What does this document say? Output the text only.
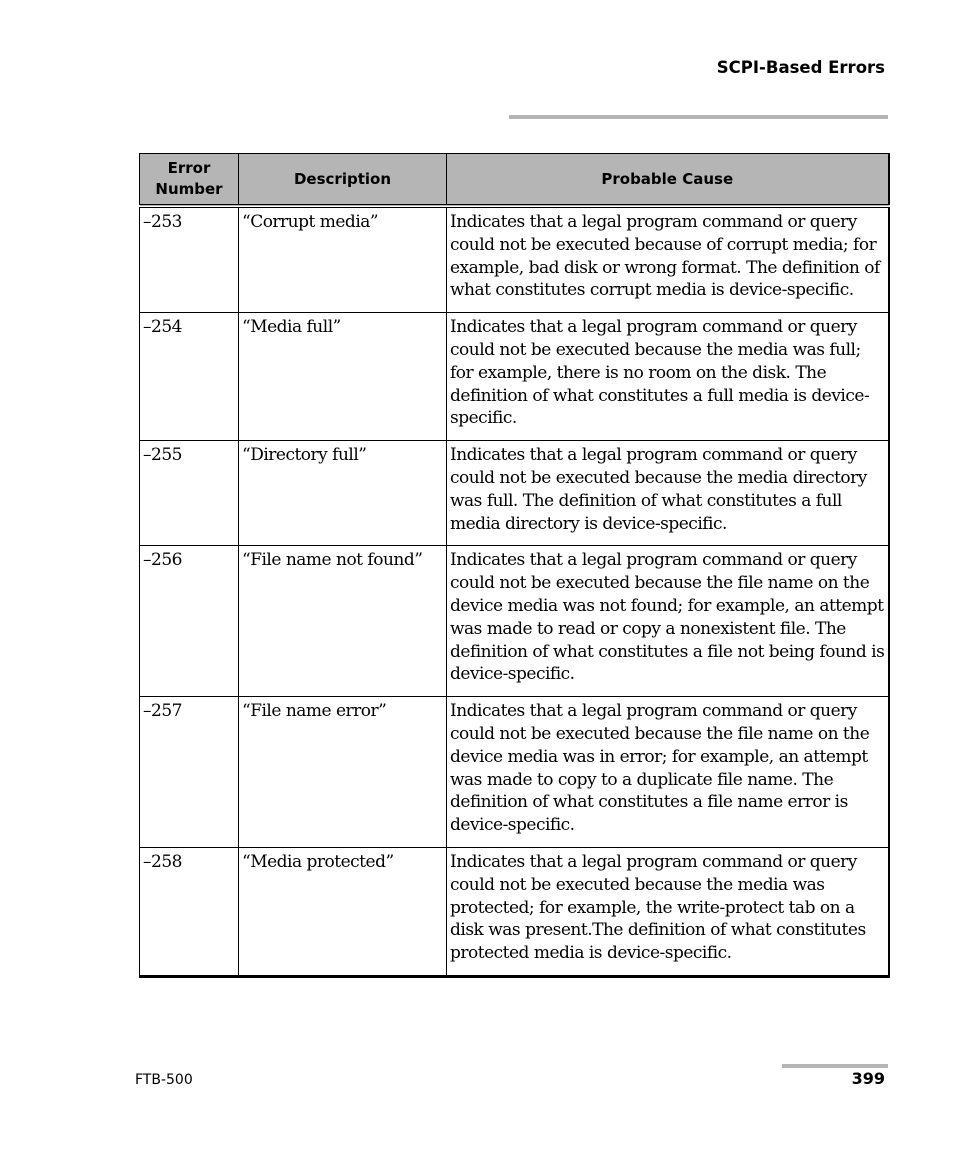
SCPI-Based Errors
Error Number	Description	Probable Cause
–253	“Corrupt media”	Indicates that a legal program command or query could not be executed because of corrupt media; for example, bad disk or wrong format. The definition of what constitutes corrupt media is device-specific.
–254	“Media full”	Indicates that a legal program command or query could not be executed because the media was full; for example, there is no room on the disk. The definition of what constitutes a full media is device-specific.
–255	“Directory full”	Indicates that a legal program command or query could not be executed because the media directory was full. The definition of what constitutes a full media directory is device-specific.
–256	“File name not found”	Indicates that a legal program command or query could not be executed because the file name on the device media was not found; for example, an attempt was made to read or copy a nonexistent file. The definition of what constitutes a file not being found is device-specific.
–257	“File name error”	Indicates that a legal program command or query could not be executed because the file name on the device media was in error; for example, an attempt was made to copy to a duplicate file name. The definition of what constitutes a file name error is device-specific.
–258	“Media protected”	Indicates that a legal program command or query could not be executed because the media was protected; for example, the write-protect tab on a disk was present.The definition of what constitutes protected media is device-specific.
FTB-500	399
